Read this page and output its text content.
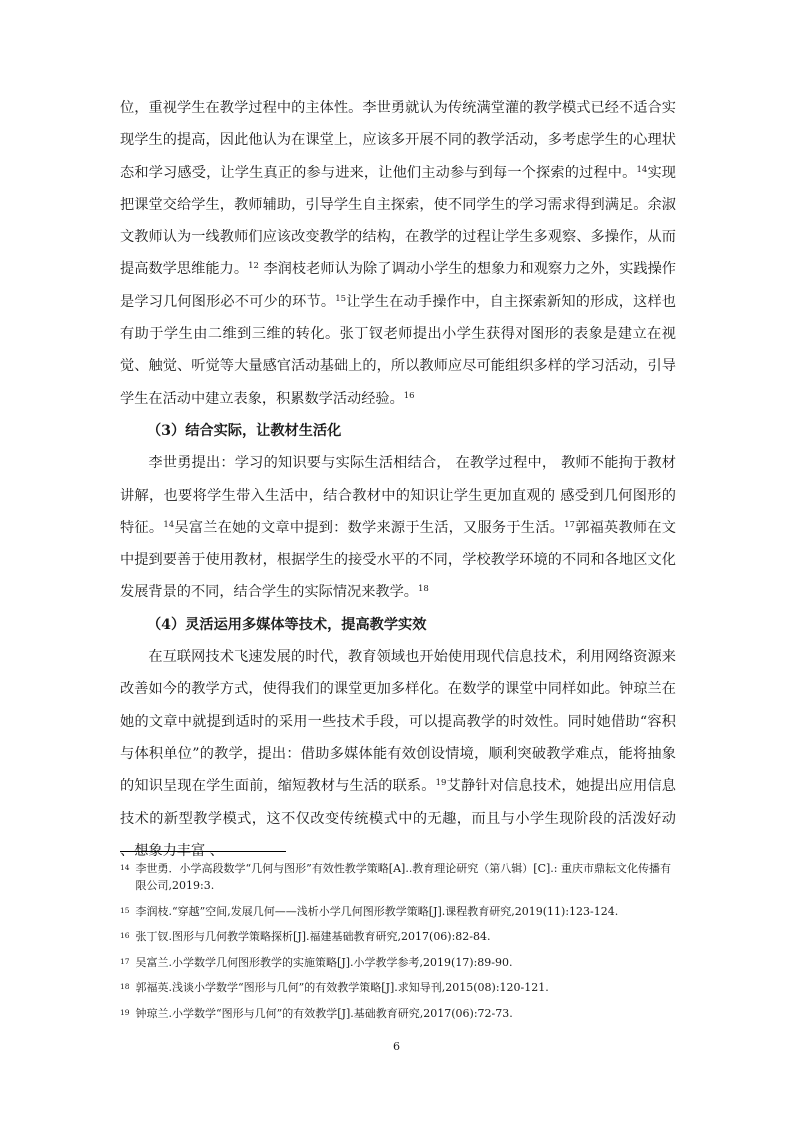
位，重视学生在教学过程中的主体性。李世勇就认为传统满堂灌的教学模式已经不适合实现学生的提高，因此他认为在课堂上，应该多开展不同的教学活动，多考虑学生的心理状态和学习感受，让学生真正的参与进来，让他们主动参与到每一个探索的过程中。$^{14}$实现把课堂交给学生，教师辅助，引导学生自主探索，使不同学生的学习需求得到满足。余淑文教师认为一线教师们应该改变教学的结构，在教学的过程让学生多观察、多操作，从而提高数学思维能力。$^{12}$ 李润枝老师认为除了调动小学生的想象力和观察力之外，实践操作是学习几何图形必不可少的环节。$^{15}$让学生在动手操作中，自主探索新知的形成，这样也有助于学生由二维到三维的转化。张丁钗老师提出小学生获得对图形的表象是建立在视觉、触觉、听觉等大量感官活动基础上的，所以教师应尽可能组织多样的学习活动，引导学生在活动中建立表象，积累数学活动经验。$^{16}$

（3）结合实际，让教材生活化

李世勇提出：学习的知识要与实际生活相结合， 在教学过程中， 教师不能拘于教材讲解，也要将学生带入生活中，结合教材中的知识让学生更加直观的 感受到几何图形的特征。$^{14}$吴富兰在她的文章中提到：数学来源于生活，又服务于生活。$^{17}$郭福英教师在文中提到要善于使用教材，根据学生的接受水平的不同，学校教学环境的不同和各地区文化发展背景的不同，结合学生的实际情况来教学。$^{18}$

（4）灵活运用多媒体等技术，提高教学实效

在互联网技术飞速发展的时代，教育领域也开始使用现代信息技术，利用网络资源来改善如今的教学方式，使得我们的课堂更加多样化。在数学的课堂中同样如此。钟琼兰在她的文章中就提到适时的采用一些技术手段，可以提高教学的时效性。同时她借助“容积与体积单位”的教学，提出：借助多媒体能有效创设情境，顺利突破教学难点，能将抽象的知识呈现在学生面前，缩短教材与生活的联系。$^{19}$艾静针对信息技术，她提出应用信息技术的新型教学模式，这不仅改变传统模式中的无趣，而且与小学生现阶段的活泼好动 、想象力丰富 、

14 李世勇．小学高段数学“几何与图形”有效性教学策略[A]..教育理论研究（第八辑）[C].: 重庆市鼎耘文化传播有限公司,2019:3.
15 李润枝.“穿越”空间,发展几何——浅析小学几何图形教学策略[J].课程教育研究,2019(11):123-124.
16 张丁钗.图形与几何教学策略探析[J].福建基础教育研究,2017(06):82-84.
17 吴富兰.小学数学几何图形教学的实施策略[J].小学教学参考,2019(17):89-90.
18 郭福英.浅谈小学数学“图形与几何”的有效教学策略[J].求知导刊,2015(08):120-121.
19 钟琼兰.小学数学“图形与几何”的有效教学[J].基础教育研究,2017(06):72-73.
6
